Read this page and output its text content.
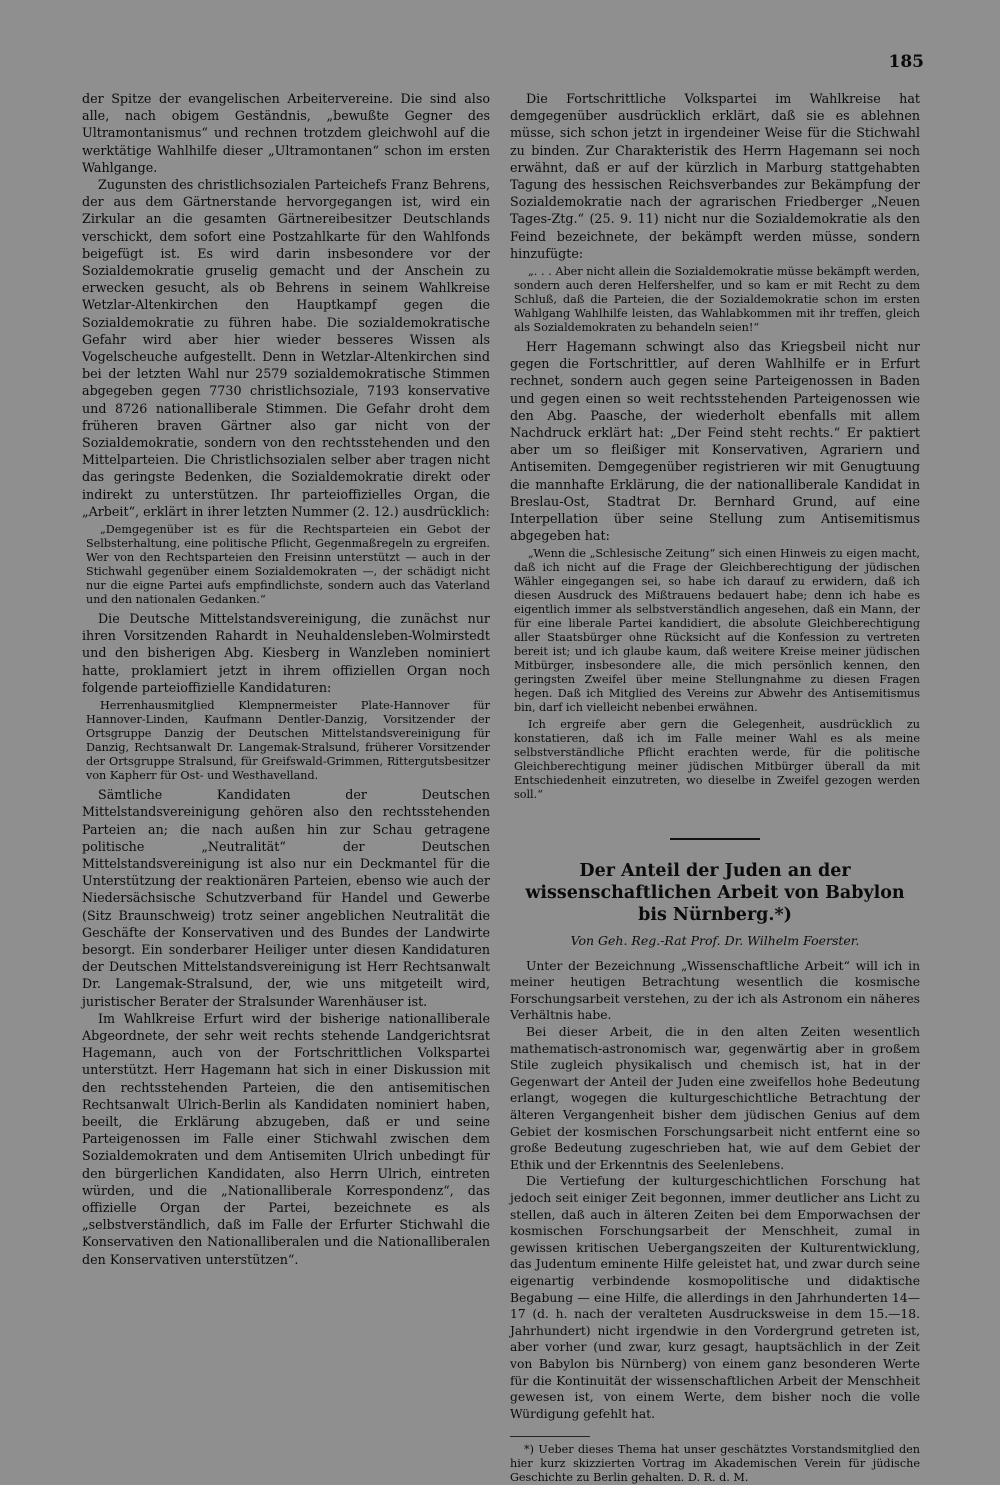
185

der Spitze der evangelischen Arbeitervereine. Die sind also alle, nach obigem Geständnis, „bewußte Gegner des Ultramontanismus“ und rechnen trotzdem gleichwohl auf die werktätige Wahlhilfe dieser „Ultramontanen“ schon im ersten Wahlgange.

Zugunsten des christlichsozialen Parteichefs Franz Behrens, der aus dem Gärtnerstande hervorgegangen ist, wird ein Zirkular an die gesamten Gärtnereibesitzer Deutschlands verschickt, dem sofort eine Postzahlkarte für den Wahlfonds beigefügt ist. Es wird darin insbesondere vor der Sozialdemokratie gruselig gemacht und der Anschein zu erwecken gesucht, als ob Behrens in seinem Wahlkreise Wetzlar-Altenkirchen den Hauptkampf gegen die Sozialdemokratie zu führen habe. Die sozialdemokratische Gefahr wird aber hier wieder besseres Wissen als Vogelscheuche aufgestellt. Denn in Wetzlar-Altenkirchen sind bei der letzten Wahl nur 2579 sozialdemokratische Stimmen abgegeben gegen 7730 christlichsoziale, 7193 konservative und 8726 nationalliberale Stimmen. Die Gefahr droht dem früheren braven Gärtner also gar nicht von der Sozialdemokratie, sondern von den rechtsstehenden und den Mittelparteien. Die Christlichsozialen selber aber tragen nicht das geringste Bedenken, die Sozialdemokratie direkt oder indirekt zu unterstützen. Ihr parteioffizielles Organ, die „Arbeit“, erklärt in ihrer letzten Nummer (2. 12.) ausdrücklich:

„Demgegenüber ist es für die Rechtsparteien ein Gebot der Selbsterhaltung, eine politische Pflicht, Gegenmaßregeln zu ergreifen. Wer von den Rechtsparteien den Freisinn unterstützt — auch in der Stichwahl gegenüber einem Sozialdemokraten —, der schädigt nicht nur die eigne Partei aufs empfindlichste, sondern auch das Vaterland und den nationalen Gedanken.“

Die Deutsche Mittelstandsvereinigung, die zunächst nur ihren Vorsitzenden Rahardt in Neuhaldensleben-Wolmirstedt und den bisherigen Abg. Kiesberg in Wanzleben nominiert hatte, proklamiert jetzt in ihrem offiziellen Organ noch folgende parteioffizielle Kandidaturen:

Herrenhausmitglied Klempnermeister Plate-Hannover für Hannover-Linden, Kaufmann Dentler-Danzig, Vorsitzender der Ortsgruppe Danzig der Deutschen Mittelstandsvereinigung für Danzig, Rechtsanwalt Dr. Langemak-Stralsund, früherer Vorsitzender der Ortsgruppe Stralsund, für Greifswald-Grimmen, Rittergutsbesitzer von Kapherr für Ost- und Westhavelland.

Sämtliche Kandidaten der Deutschen Mittelstandsvereinigung gehören also den rechtsstehenden Parteien an; die nach außen hin zur Schau getragene politische „Neutralität“ der Deutschen Mittelstandsvereinigung ist also nur ein Deckmantel für die Unterstützung der reaktionären Parteien, ebenso wie auch der Niedersächsische Schutzverband für Handel und Gewerbe (Sitz Braunschweig) trotz seiner angeblichen Neutralität die Geschäfte der Konservativen und des Bundes der Landwirte besorgt. Ein sonderbarer Heiliger unter diesen Kandidaturen der Deutschen Mittelstandsvereinigung ist Herr Rechtsanwalt Dr. Langemak-Stralsund, der, wie uns mitgeteilt wird, juristischer Berater der Stralsunder Warenhäuser ist.

Im Wahlkreise Erfurt wird der bisherige nationalliberale Abgeordnete, der sehr weit rechts stehende Landgerichtsrat Hagemann, auch von der Fortschrittlichen Volkspartei unterstützt. Herr Hagemann hat sich in einer Diskussion mit den rechtsstehenden Parteien, die den antisemitischen Rechtsanwalt Ulrich-Berlin als Kandidaten nominiert haben, beeilt, die Erklärung abzugeben, daß er und seine Parteigenossen im Falle einer Stichwahl zwischen dem Sozialdemokraten und dem Antisemiten Ulrich unbedingt für den bürgerlichen Kandidaten, also Herrn Ulrich, eintreten würden, und die „Nationalliberale Korrespondenz“, das offizielle Organ der Partei, bezeichnete es als „selbstverständlich, daß im Falle der Erfurter Stichwahl die Konservativen den Nationalliberalen und die Nationalliberalen den Konservativen unterstützen“.

Die Fortschrittliche Volkspartei im Wahlkreise hat demgegenüber ausdrücklich erklärt, daß sie es ablehnen müsse, sich schon jetzt in irgendeiner Weise für die Stichwahl zu binden. Zur Charakteristik des Herrn Hagemann sei noch erwähnt, daß er auf der kürzlich in Marburg stattgehabten Tagung des hessischen Reichsverbandes zur Bekämpfung der Sozialdemokratie nach der agrarischen Friedberger „Neuen Tages-Ztg.“ (25. 9. 11) nicht nur die Sozialdemokratie als den Feind bezeichnete, der bekämpft werden müsse, sondern hinzufügte:

„. . . Aber nicht allein die Sozialdemokratie müsse bekämpft werden, sondern auch deren Helfershelfer, und so kam er mit Recht zu dem Schluß, daß die Parteien, die der Sozialdemokratie schon im ersten Wahlgang Wahlhilfe leisten, das Wahlabkommen mit ihr treffen, gleich als Sozialdemokraten zu behandeln seien!“

Herr Hagemann schwingt also das Kriegsbeil nicht nur gegen die Fortschrittler, auf deren Wahlhilfe er in Erfurt rechnet, sondern auch gegen seine Parteigenossen in Baden und gegen einen so weit rechtsstehenden Parteigenossen wie den Abg. Paasche, der wiederholt ebenfalls mit allem Nachdruck erklärt hat: „Der Feind steht rechts.“ Er paktiert aber um so fleißiger mit Konservativen, Agrariern und Antisemiten. Demgegenüber registrieren wir mit Genugtuung die mannhafte Erklärung, die der nationalliberale Kandidat in Breslau-Ost, Stadtrat Dr. Bernhard Grund, auf eine Interpellation über seine Stellung zum Antisemitismus abgegeben hat:

„Wenn die „Schlesische Zeitung“ sich einen Hinweis zu eigen macht, daß ich nicht auf die Frage der Gleichberechtigung der jüdischen Wähler eingegangen sei, so habe ich darauf zu erwidern, daß ich diesen Ausdruck des Mißtrauens bedauert habe; denn ich habe es eigentlich immer als selbstverständlich angesehen, daß ein Mann, der für eine liberale Partei kandidiert, die absolute Gleichberechtigung aller Staatsbürger ohne Rücksicht auf die Konfession zu vertreten bereit ist; und ich glaube kaum, daß weitere Kreise meiner jüdischen Mitbürger, insbesondere alle, die mich persönlich kennen, den geringsten Zweifel über meine Stellungnahme zu diesen Fragen hegen. Daß ich Mitglied des Vereins zur Abwehr des Antisemitismus bin, darf ich vielleicht nebenbei erwähnen.

Ich ergreife aber gern die Gelegenheit, ausdrücklich zu konstatieren, daß ich im Falle meiner Wahl es als meine selbstverständliche Pflicht erachten werde, für die politische Gleichberechtigung meiner jüdischen Mitbürger überall da mit Entschiedenheit einzutreten, wo dieselbe in Zweifel gezogen werden soll.“

Der Anteil der Juden an der wissenschaftlichen Arbeit von Babylon bis Nürnberg.*)
Von Geh. Reg.-Rat Prof. Dr. Wilhelm Foerster.

Unter der Bezeichnung „Wissenschaftliche Arbeit“ will ich in meiner heutigen Betrachtung wesentlich die kosmische Forschungsarbeit verstehen, zu der ich als Astronom ein näheres Verhältnis habe.

Bei dieser Arbeit, die in den alten Zeiten wesentlich mathematisch-astronomisch war, gegenwärtig aber in großem Stile zugleich physikalisch und chemisch ist, hat in der Gegenwart der Anteil der Juden eine zweifellos hohe Bedeutung erlangt, wogegen die kulturgeschichtliche Betrachtung der älteren Vergangenheit bisher dem jüdischen Genius auf dem Gebiet der kosmischen Forschungsarbeit nicht entfernt eine so große Bedeutung zugeschrieben hat, wie auf dem Gebiet der Ethik und der Erkenntnis des Seelenlebens.

Die Vertiefung der kulturgeschichtlichen Forschung hat jedoch seit einiger Zeit begonnen, immer deutlicher ans Licht zu stellen, daß auch in älteren Zeiten bei dem Emporwachsen der kosmischen Forschungsarbeit der Menschheit, zumal in gewissen kritischen Uebergangszeiten der Kulturentwicklung, das Judentum eminente Hilfe geleistet hat, und zwar durch seine eigenartig verbindende kosmopolitische und didaktische Begabung — eine Hilfe, die allerdings in den Jahrhunderten 14—17 (d. h. nach der veralteten Ausdrucksweise in dem 15.—18. Jahrhundert) nicht irgendwie in den Vordergrund getreten ist, aber vorher (und zwar, kurz gesagt, hauptsächlich in der Zeit von Babylon bis Nürnberg) von einem ganz besonderen Werte für die Kontinuität der wissenschaftlichen Arbeit der Menschheit gewesen ist, von einem Werte, dem bisher noch die volle Würdigung gefehlt hat.

*) Ueber dieses Thema hat unser geschätztes Vorstandsmitglied den hier kurz skizzierten Vortrag im Akademischen Verein für jüdische Geschichte zu Berlin gehalten. D. R. d. M.
